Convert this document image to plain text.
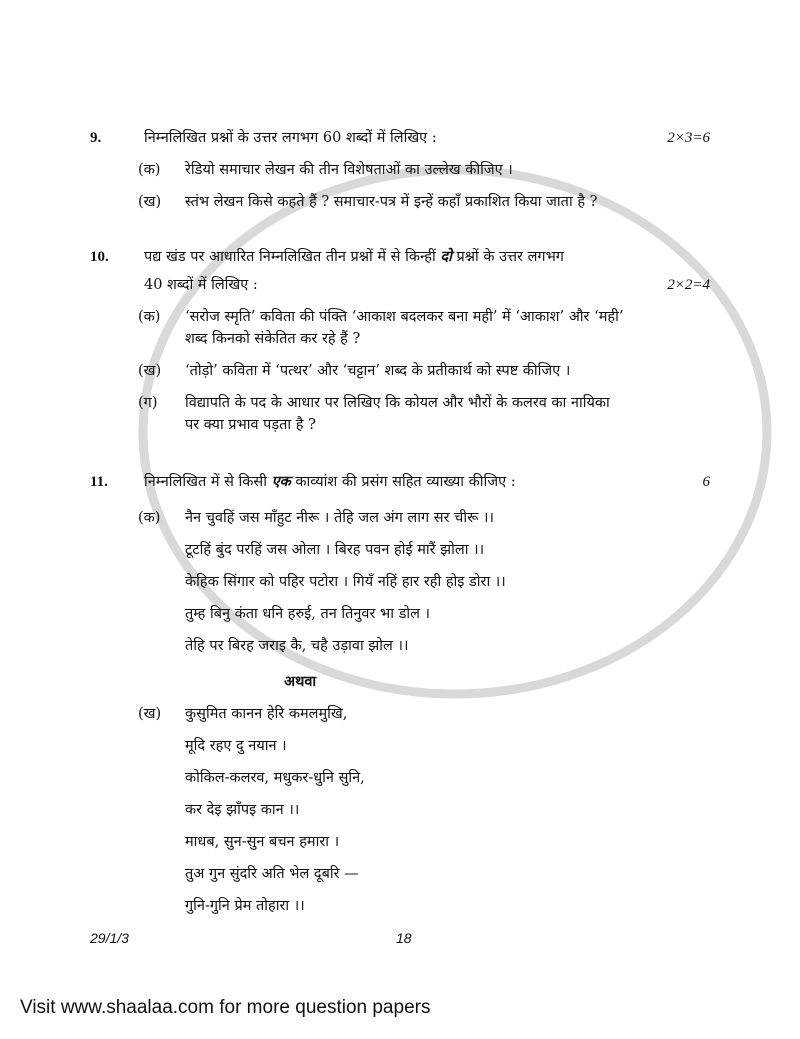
9.	निम्नलिखित प्रश्नों के उत्तर लगभग 60 शब्दों में लिखिए :	2×3=6
(क)	रेडियो समाचार लेखन की तीन विशेषताओं का उल्लेख कीजिए ।
(ख)	स्तंभ लेखन किसे कहते हैं ? समाचार-पत्र में इन्हें कहाँ प्रकाशित किया जाता है ?
10.	पद्य खंड पर आधारित निम्नलिखित तीन प्रश्नों में से किन्हीं दो प्रश्नों के उत्तर लगभग
40 शब्दों में लिखिए :	2×2=4
(क)	‘सरोज स्मृति’ कविता की पंक्ति ‘आकाश बदलकर बना मही’ में ‘आकाश’ और ‘मही’
शब्द किनको संकेतित कर रहे हैं ?
(ख)	‘तोड़ो’ कविता में ‘पत्थर’ और ‘चट्टान’ शब्द के प्रतीकार्थ को स्पष्ट कीजिए ।
(ग)	विद्यापति के पद के आधार पर लिखिए कि कोयल और भौरों के कलरव का नायिका
पर क्या प्रभाव पड़ता है ?
11.	निम्नलिखित में से किसी एक काव्यांश की प्रसंग सहित व्याख्या कीजिए :	6
(क)	नैन चुवहिं जस माँहुट नीरू । तेहि जल अंग लाग सर चीरू ।।
टूटहिं बुंद परहिं जस ओला । बिरह पवन होई मारैं झोला ।।
केहिक सिंगार को पहिर पटोरा । गियँ नहिं हार रही होइ डोरा ।।
तुम्ह बिनु कंता धनि हरुई, तन तिनुवर भा डोल ।
तेहि पर बिरह जराइ कै, चहै उड़ावा झोल ।।
अथवा
(ख)	कुसुमित कानन हेरि कमलमुखि,
मूदि रहए दु नयान ।
कोकिल-कलरव, मधुकर-धुनि सुनि,
कर देइ झाँपइ कान ।।
माधब, सुन-सुन बचन हमारा ।
तुअ गुन सुंदरि अति भेल दूबरि —
गुनि-गुनि प्रेम तोहारा ।।
29/1/3	18
Visit www.shaalaa.com for more question papers
